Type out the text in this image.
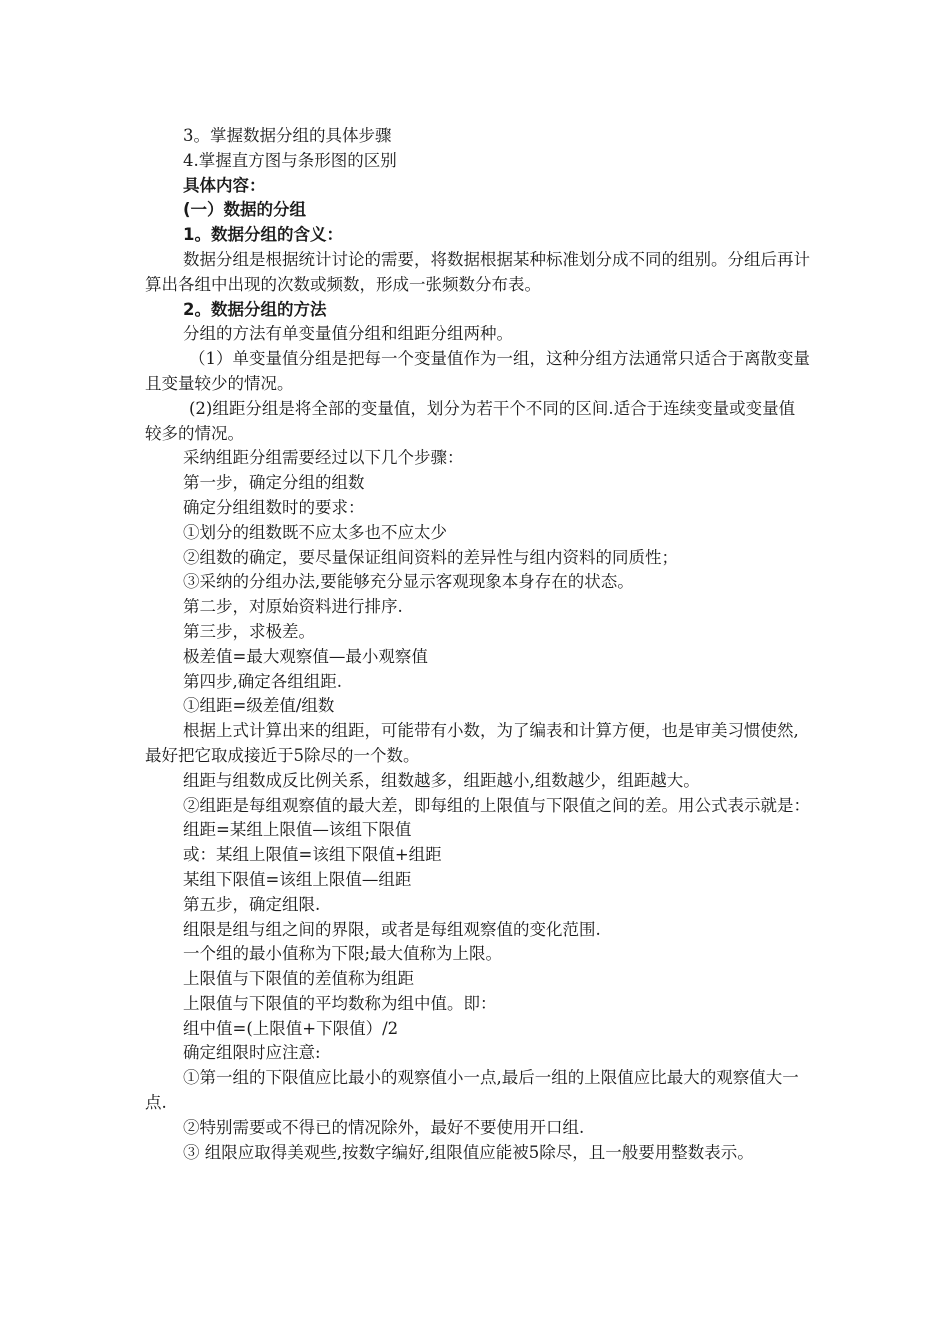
3。掌握数据分组的具体步骤

4.掌握直方图与条形图的区别

具体内容：

(一）数据的分组

1。数据分组的含义：

数据分组是根据统计讨论的需要，将数据根据某种标准划分成不同的组别。分组后再计算出各组中出现的次数或频数，形成一张频数分布表。

2。数据分组的方法

分组的方法有单变量值分组和组距分组两种。

（1）单变量值分组是把每一个变量值作为一组，这种分组方法通常只适合于离散变量且变量较少的情况。

(2)组距分组是将全部的变量值，划分为若干个不同的区间.适合于连续变量或变量值较多的情况。

采纳组距分组需要经过以下几个步骤：

第一步，确定分组的组数

确定分组组数时的要求：

①划分的组数既不应太多也不应太少

②组数的确定，要尽量保证组间资料的差异性与组内资料的同质性；

③采纳的分组办法,要能够充分显示客观现象本身存在的状态。

第二步，对原始资料进行排序.

第三步，求极差。

极差值=最大观察值—最小观察值

第四步,确定各组组距.

①组距=级差值/组数

根据上式计算出来的组距，可能带有小数，为了编表和计算方便，也是审美习惯使然,最好把它取成接近于5除尽的一个数。

组距与组数成反比例关系，组数越多，组距越小,组数越少，组距越大。

②组距是每组观察值的最大差，即每组的上限值与下限值之间的差。用公式表示就是：

组距=某组上限值—该组下限值

或：某组上限值=该组下限值+组距

某组下限值=该组上限值—组距

第五步，确定组限.

组限是组与组之间的界限，或者是每组观察值的变化范围.

一个组的最小值称为下限;最大值称为上限。

上限值与下限值的差值称为组距

上限值与下限值的平均数称为组中值。即：

组中值=(上限值+下限值）/2

确定组限时应注意:

①第一组的下限值应比最小的观察值小一点,最后一组的上限值应比最大的观察值大一点.

②特别需要或不得已的情况除外，最好不要使用开口组.

③ 组限应取得美观些,按数字编好,组限值应能被5除尽，且一般要用整数表示。
